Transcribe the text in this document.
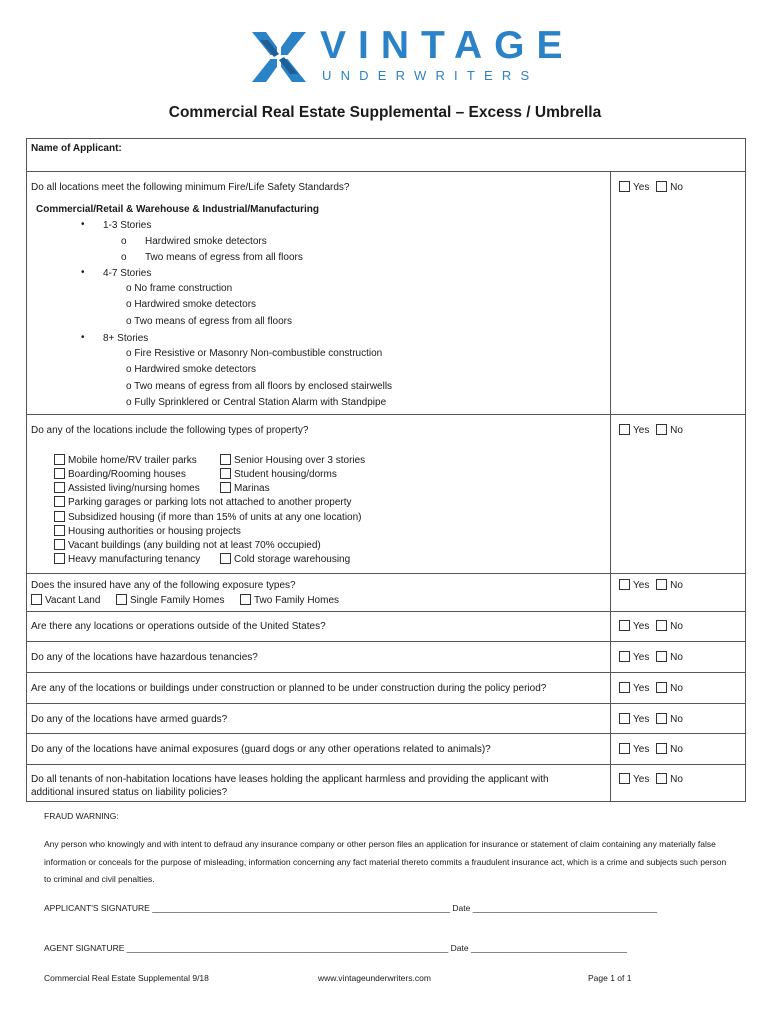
VINTAGE
UNDERWRITERS
Commercial Real Estate Supplemental – Excess / Umbrella
Name of Applicant:
Do all locations meet the following minimum Fire/Life Safety Standards?
Commercial/Retail & Warehouse & Industrial/Manufacturing
• 1-3 Stories
o Hardwired smoke detectors
o Two means of egress from all floors
• 4-7 Stories
o No frame construction
o Hardwired smoke detectors
o Two means of egress from all floors
• 8+ Stories
o Fire Resistive or Masonry Non-combustible construction
o Hardwired smoke detectors
o Two means of egress from all floors by enclosed stairwells
o Fully Sprinklered or Central Station Alarm with Standpipe
Yes No
Do any of the locations include the following types of property?
Mobile home/RV trailer parks	Senior Housing over 3 stories
Boarding/Rooming houses	Student housing/dorms
Assisted living/nursing homes	Marinas
Parking garages or parking lots not attached to another property
Subsidized housing (if more than 15% of units at any one location)
Housing authorities or housing projects
Vacant buildings (any building not at least 70% occupied)
Heavy manufacturing tenancy	Cold storage warehousing
Yes No
Does the insured have any of the following exposure types?
Vacant Land	Single Family Homes	Two Family Homes
Yes No
Are there any locations or operations outside of the United States?	Yes No
Do any of the locations have hazardous tenancies?	Yes No
Are any of the locations or buildings under construction or planned to be under construction during the policy period?	Yes No
Do any of the locations have armed guards?	Yes No
Do any of the locations have animal exposures (guard dogs or any other operations related to animals)?	Yes No
Do all tenants of non-habitation locations have leases holding the applicant harmless and providing the applicant with
additional insured status on liability policies?
Yes No
FRAUD WARNING:
Any person who knowingly and with intent to defraud any insurance company or other person files an application for insurance or statement of claim containing any materially false information or conceals for the purpose of misleading, information concerning any fact material thereto commits a fraudulent insurance act, which is a crime and subjects such person to criminal and civil penalties.
APPLICANT'S SIGNATURE _______________________________________________________________ Date _______________________________________
AGENT SIGNATURE ____________________________________________________________________ Date _________________________________
Commercial Real Estate Supplemental 9/18	www.vintageunderwriters.com	Page 1 of 1
